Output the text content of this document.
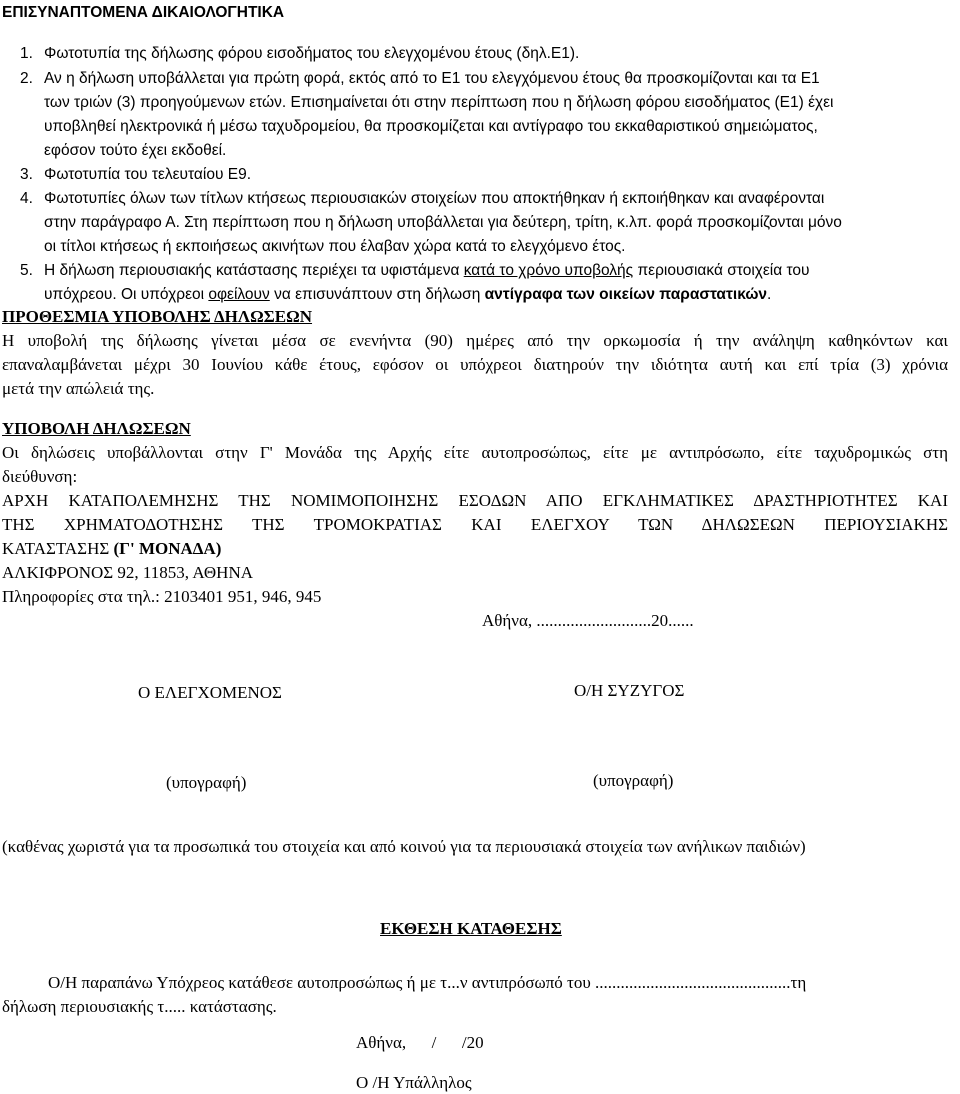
ΕΠΙΣΥΝΑΠΤΟΜΕΝΑ ΔΙΚΑΙΟΛΟΓΗΤΙΚΑ
1. Φωτοτυπία της δήλωσης φόρου εισοδήματος του ελεγχομένου έτους (δηλ.Ε1).
2. Αν η δήλωση υποβάλλεται για πρώτη φορά, εκτός από το Ε1 του ελεγχόμενου έτους θα προσκομίζονται και τα Ε1
των τριών (3) προηγούμενων ετών. Επισημαίνεται ότι στην περίπτωση που η δήλωση φόρου εισοδήματος (Ε1) έχει
υποβληθεί ηλεκτρονικά ή μέσω ταχυδρομείου, θα προσκομίζεται και αντίγραφο του εκκαθαριστικού σημειώματος,
εφόσον τούτο έχει εκδοθεί.
3. Φωτοτυπία του τελευταίου Ε9.
4. Φωτοτυπίες όλων των τίτλων κτήσεως περιουσιακών στοιχείων που αποκτήθηκαν ή εκποιήθηκαν και αναφέρονται
στην παράγραφο Α. Στη περίπτωση που η δήλωση υποβάλλεται για δεύτερη, τρίτη, κ.λπ. φορά προσκομίζονται μόνο
οι τίτλοι κτήσεως ή εκποιήσεως ακινήτων που έλαβαν χώρα κατά το ελεγχόμενο έτος.
5. Η δήλωση περιουσιακής κατάστασης περιέχει τα υφιστάμενα κατά το χρόνο υποβολής περιουσιακά στοιχεία του
υπόχρεου. Οι υπόχρεοι οφείλουν να επισυνάπτουν στη δήλωση αντίγραφα των οικείων παραστατικών.
ΠΡΟΘΕΣΜΙΑ ΥΠΟΒΟΛΗΣ ΔΗΛΩΣΕΩΝ
Η υποβολή της δήλωσης γίνεται μέσα σε ενενήντα (90) ημέρες από την ορκωμοσία ή την ανάληψη καθηκόντων και
επαναλαμβάνεται μέχρι 30 Ιουνίου κάθε έτους, εφόσον οι υπόχρεοι διατηρούν την ιδιότητα αυτή και επί τρία (3) χρόνια
μετά την απώλειά της.
ΥΠΟΒΟΛΗ ΔΗΛΩΣΕΩΝ
Οι δηλώσεις υποβάλλονται στην Γ' Μονάδα της Αρχής είτε αυτοπροσώπως, είτε με αντιπρόσωπο, είτε ταχυδρομικώς στη
διεύθυνση:
ΑΡΧΗ ΚΑΤΑΠΟΛΕΜΗΣΗΣ ΤΗΣ ΝΟΜΙΜΟΠΟΙΗΣΗΣ ΕΣΟΔΩΝ ΑΠΟ ΕΓΚΛΗΜΑΤΙΚΕΣ ΔΡΑΣΤΗΡΙΟΤΗΤΕΣ ΚΑΙ
ΤΗΣ ΧΡΗΜΑΤΟΔΟΤΗΣΗΣ ΤΗΣ ΤΡΟΜΟΚΡΑΤΙΑΣ ΚΑΙ ΕΛΕΓΧΟΥ ΤΩΝ ΔΗΛΩΣΕΩΝ ΠΕΡΙΟΥΣΙΑΚΗΣ
ΚΑΤΑΣΤΑΣΗΣ (Γ' ΜΟΝΑΔΑ)
ΑΛΚΙΦΡΟΝΟΣ 92, 11853, ΑΘΗΝΑ
Πληροφορίες στα τηλ.: 2103401 951, 946, 945
Αθήνα, ...........................20......
Ο ΕΛΕΓΧΟΜΕΝΟΣ	Ο/Η ΣΥΖΥΓΟΣ
(υπογραφή)	(υπογραφή)
(καθένας χωριστά για τα προσωπικά του στοιχεία και από κοινού για τα περιουσιακά στοιχεία των ανήλικων παιδιών)
ΕΚΘΕΣΗ ΚΑΤΑΘΕΣΗΣ
Ο/Η παραπάνω Υπόχρεος κατάθεσε αυτοπροσώπως ή με τ...ν αντιπρόσωπό του ..............................................τη
δήλωση περιουσιακής τ..... κατάστασης.
Αθήνα,      /      /20
Ο /Η Υπάλληλος
